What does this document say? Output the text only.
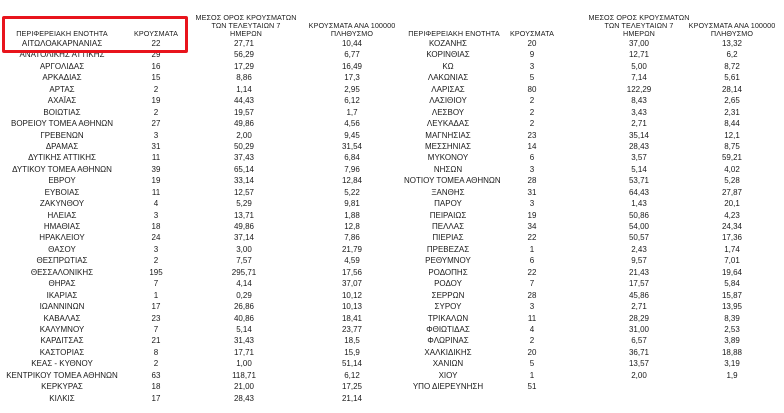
ΠΕΡΙΦΕΡΕΙΑΚΗ ΕΝΟΤΗΤΑ	ΚΡΟΥΣΜΑΤΑ
ΜΕΣΟΣ ΟΡΟΣ ΚΡΟΥΣΜΑΤΩΝ
ΤΩΝ ΤΕΛΕΥΤΑΙΩΝ 7
ΗΜΕΡΩΝ
ΚΡΟΥΣΜΑΤΑ ΑΝΑ 100000
ΠΛΗΘΥΣΜΟ
ΑΙΤΩΛΟΑΚΑΡΝΑΝΙΑΣ	22	27,71	10,44
ΑΝΑΤΟΛΙΚΗΣ ΑΤΤΙΚΗΣ	29	56,29	6,77
ΑΡΓΟΛΙΔΑΣ	16	17,29	16,49
ΑΡΚΑΔΙΑΣ	15	8,86	17,3
ΑΡΤΑΣ	2	1,14	2,95
ΑΧΑΪΑΣ	19	44,43	6,12
ΒΟΙΩΤΙΑΣ	2	19,57	1,7
ΒΟΡΕΙΟΥ ΤΟΜΕΑ ΑΘΗΝΩΝ	27	49,86	4,56
ΓΡΕΒΕΝΩΝ	3	2,00	9,45
ΔΡΑΜΑΣ	31	50,29	31,54
ΔΥΤΙΚΗΣ ΑΤΤΙΚΗΣ	11	37,43	6,84
ΔΥΤΙΚΟΥ ΤΟΜΕΑ ΑΘΗΝΩΝ	39	65,14	7,96
ΕΒΡΟΥ	19	33,14	12,84
ΕΥΒΟΙΑΣ	11	12,57	5,22
ΖΑΚΥΝΘΟΥ	4	5,29	9,81
ΗΛΕΙΑΣ	3	13,71	1,88
ΗΜΑΘΙΑΣ	18	49,86	12,8
ΗΡΑΚΛΕΙΟΥ	24	37,14	7,86
ΘΑΣΟΥ	3	3,00	21,79
ΘΕΣΠΡΩΤΙΑΣ	2	7,57	4,59
ΘΕΣΣΑΛΟΝΙΚΗΣ	195	295,71	17,56
ΘΗΡΑΣ	7	4,14	37,07
ΙΚΑΡΙΑΣ	1	0,29	10,12
ΙΩΑΝΝΙΝΩΝ	17	26,86	10,13
ΚΑΒΑΛΑΣ	23	40,86	18,41
ΚΑΛΥΜΝΟΥ	7	5,14	23,77
ΚΑΡΔΙΤΣΑΣ	21	31,43	18,5
ΚΑΣΤΟΡΙΑΣ	8	17,71	15,9
ΚΕΑΣ - ΚΥΘΝΟΥ	2	1,00	51,14
ΚΕΝΤΡΙΚΟΥ ΤΟΜΕΑ ΑΘΗΝΩΝ	63	118,71	6,12
ΚΕΡΚΥΡΑΣ	18	21,00	17,25
ΚΙΛΚΙΣ	17	28,43	21,14
ΠΕΡΙΦΕΡΕΙΑΚΗ ΕΝΟΤΗΤΑ	ΚΡΟΥΣΜΑΤΑ
ΜΕΣΟΣ ΟΡΟΣ ΚΡΟΥΣΜΑΤΩΝ
ΤΩΝ ΤΕΛΕΥΤΑΙΩΝ 7
ΗΜΕΡΩΝ
ΚΡΟΥΣΜΑΤΑ ΑΝΑ 100000
ΠΛΗΘΥΣΜΟ
ΚΟΖΑΝΗΣ	20	37,00	13,32
ΚΟΡΙΝΘΙΑΣ	9	12,71	6,2
ΚΩ	3	5,00	8,72
ΛΑΚΩΝΙΑΣ	5	7,14	5,61
ΛΑΡΙΣΑΣ	80	122,29	28,14
ΛΑΣΙΘΙΟΥ	2	8,43	2,65
ΛΕΣΒΟΥ	2	3,43	2,31
ΛΕΥΚΑΔΑΣ	2	2,71	8,44
ΜΑΓΝΗΣΙΑΣ	23	35,14	12,1
ΜΕΣΣΗΝΙΑΣ	14	28,43	8,75
ΜΥΚΟΝΟΥ	6	3,57	59,21
ΝΗΣΩΝ	3	5,14	4,02
ΝΟΤΙΟΥ ΤΟΜΕΑ ΑΘΗΝΩΝ	28	53,71	5,28
ΞΑΝΘΗΣ	31	64,43	27,87
ΠΑΡΟΥ	3	1,43	20,1
ΠΕΙΡΑΙΩΣ	19	50,86	4,23
ΠΕΛΛΑΣ	34	54,00	24,34
ΠΙΕΡΙΑΣ	22	50,57	17,36
ΠΡΕΒΕΖΑΣ	1	2,43	1,74
ΡΕΘΥΜΝΟΥ	6	9,57	7,01
ΡΟΔΟΠΗΣ	22	21,43	19,64
ΡΟΔΟΥ	7	17,57	5,84
ΣΕΡΡΩΝ	28	45,86	15,87
ΣΥΡΟΥ	3	2,71	13,95
ΤΡΙΚΑΛΩΝ	11	28,29	8,39
ΦΘΙΩΤΙΔΑΣ	4	31,00	2,53
ΦΛΩΡΙΝΑΣ	2	6,57	3,89
ΧΑΛΚΙΔΙΚΗΣ	20	36,71	18,88
ΧΑΝΙΩΝ	5	13,57	3,19
ΧΙΟΥ	1	2,00	1,9
ΥΠΟ ΔΙΕΡΕΥΝΗΣΗ	51
